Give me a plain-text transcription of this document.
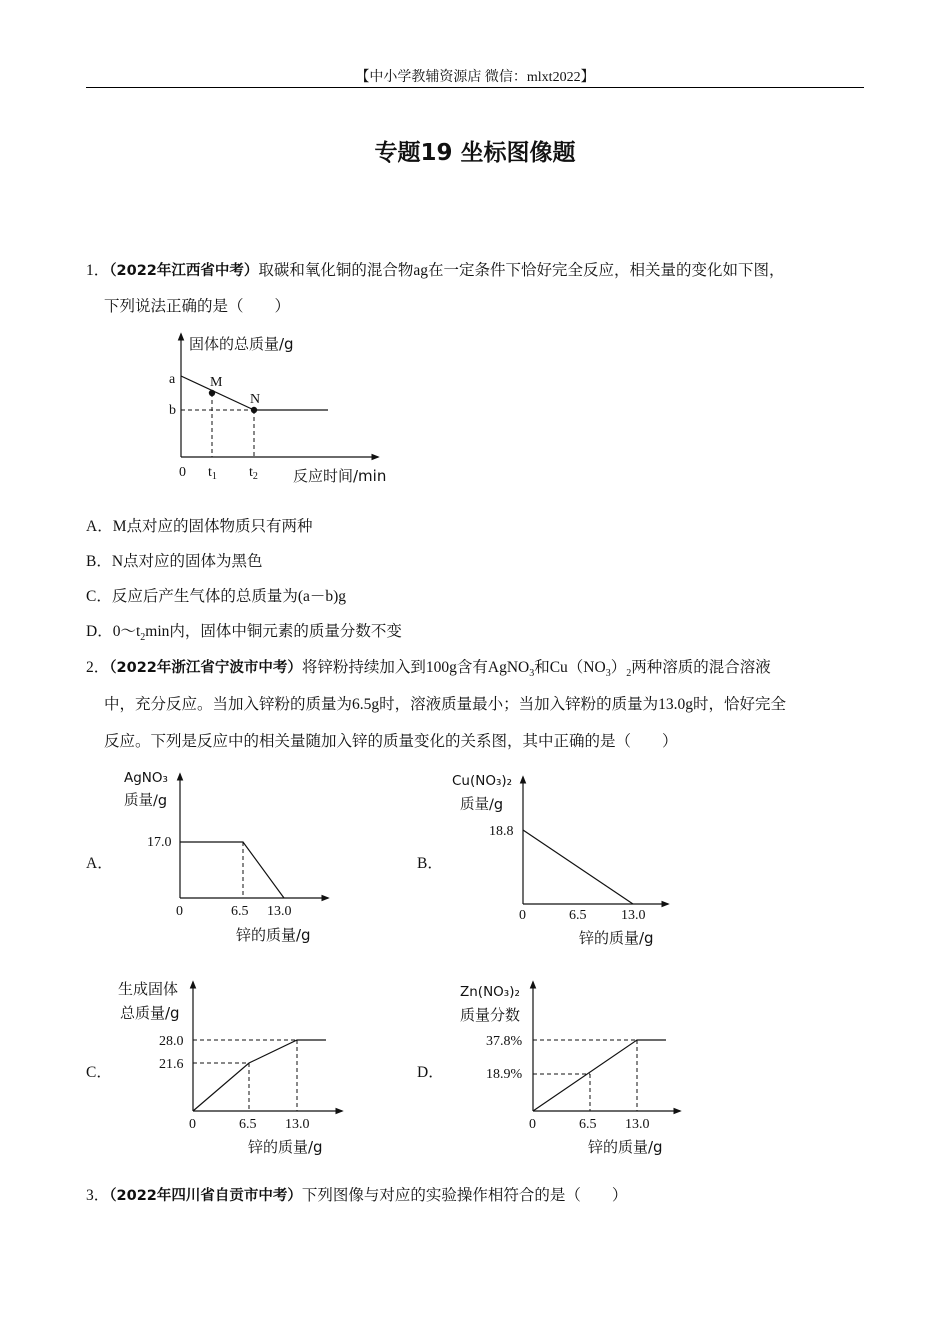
【中小学教辅资源店 微信：mlxt2022】
专题19 坐标图像题
1．（2022年江西省中考）取碳和氧化铜的混合物ag在一定条件下恰好完全反应，相关量的变化如下图，
下列说法正确的是（　　）
固体的总质量/g
a
b
M
N
0 $t_1$ $t_2$ 反应时间/min
A．M点对应的固体物质只有两种
B．N点对应的固体为黑色
C．反应后产生气体的总质量为(a－b)g
D．$0\sim t_2\min$内，固体中铜元素的质量分数不变
2．（2022年浙江省宁波市中考）将锌粉持续加入到100g含有AgNO$_3$和$Cu(NO_3)_2$两种溶质的混合溶液
中，充分反应。当加入锌粉的质量为6.5g时，溶液质量最小；当加入锌粉的质量为13.0g时，恰好完全
反应。下列是反应中的相关量随加入锌的质量变化的关系图，其中正确的是（　　）
A．	B．
C．	D．
AgNO₃
质量/g
17.0
0	6.5 13.0
锌的质量/g
Cu(NO₃)₂
质量/g
18.8
0	6.5 13.0
锌的质量/g
生成固体
总质量/g
28.0
21.6
0	6.5 13.0
锌的质量/g
Zn(NO₃)₂
质量分数
37.8%
18.9%
0	6.5 13.0
锌的质量/g
3．（2022年四川省自贡市中考）下列图像与对应的实验操作相符合的是（　　）
